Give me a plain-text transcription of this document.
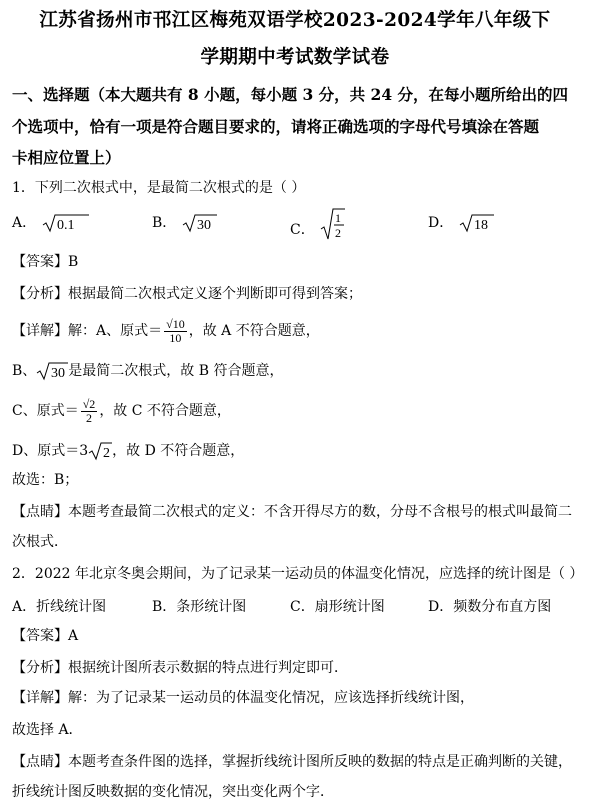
江苏省扬州市邗江区梅苑双语学校2023-2024学年八年级下
学期期中考试数学试卷
一、选择题（本大题共有 8 小题，每小题 3 分，共 24 分，在每小题所给出的四
个选项中，恰有一项是符合题目要求的，请将正确选项的字母代号填涂在答题
卡相应位置上）
1．下列二次根式中，是最简二次根式的是（ ）
A． 0.1	B． 30	C．
1
2
D． 18
【答案】B
【分析】根据最简二次根式定义逐个判断即可得到答案；
【详解】解：A、原式＝ $\frac{√10}{10}$ ，故 A 不符合题意，
B、 30 是最简二次根式，故 B 符合题意，
C、原式＝ $\frac{√2}{2}$ ，故 C 不符合题意，
D、原式＝3 2 ，故 D 不符合题意，
故选：B；
【点睛】本题考查最简二次根式的定义：不含开得尽方的数，分母不含根号的根式叫最简二
次根式．
2．2022 年北京冬奥会期间，为了记录某一运动员的体温变化情况，应选择的统计图是（ ）
A．折线统计图	B．条形统计图	C．扇形统计图	D．频数分布直方图
【答案】A
【分析】根据统计图所表示数据的特点进行判定即可．
【详解】解：为了记录某一运动员的体温变化情况，应该选择折线统计图，
故选择 A．
【点睛】本题考查条件图的选择，掌握折线统计图所反映的数据的特点是正确判断的关键，
折线统计图反映数据的变化情况，突出变化两个字．
